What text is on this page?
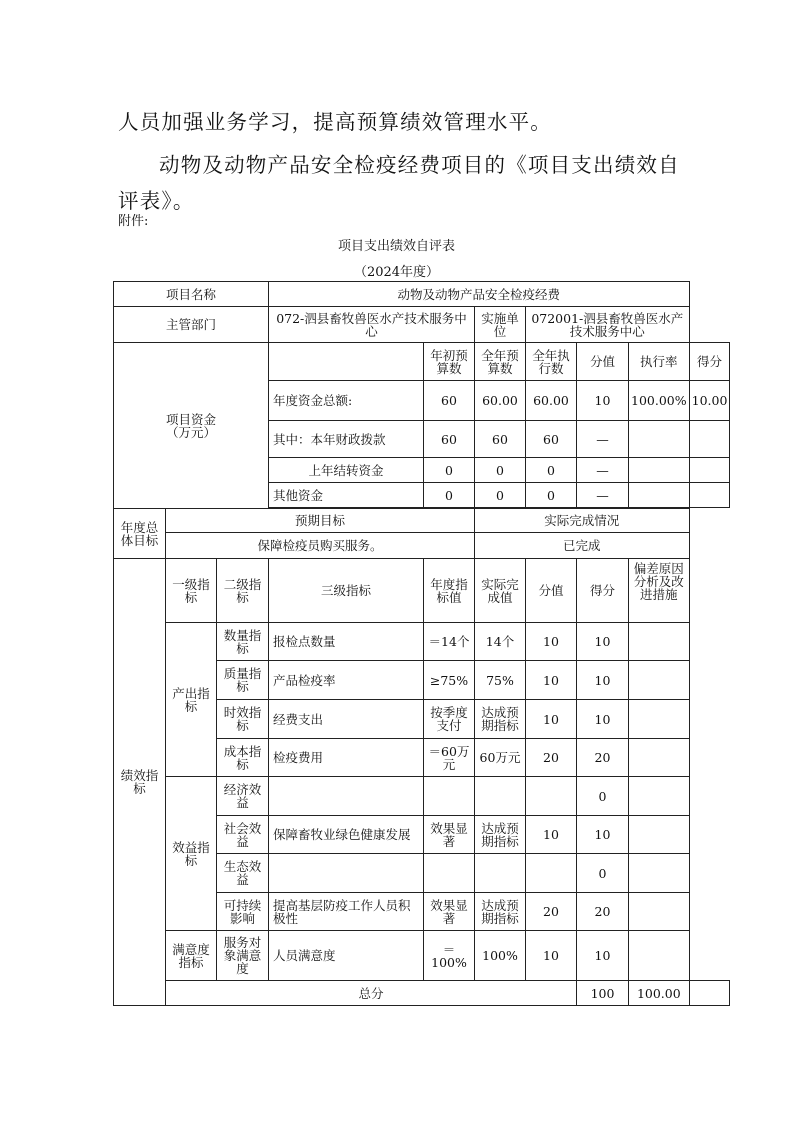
人员加强业务学习，提高预算绩效管理水平。

动物及动物产品安全检疫经费项目的《项目支出绩效自评表》。

附件:
项目支出绩效自评表
（2024年度）
项目名称			动物及动物产品安全检疫经费						
主管部门			072-泗县畜牧兽医水产技术服务中心		实施单位	072001-泗县畜牧兽医水产技术服务中心			
项目资金（万元）				年初预算数	全年预算数	全年执行数	分值	执行率	得分
			年度资金总额:	60	60.00	60.00	10	100.00%	10.00
			其中：本年财政拨款	60	60	60	—		
			上年结转资金	0	0	0	—		
			其他资金	0	0	0	—		

年度总体目标	预期目标				实际完成情况				
	保障检疫员购买服务。				已完成				
绩效指标	一级指标	二级指标	三级指标	年度指标值	实际完成值	分值	得分	偏差原因分析及改进措施	
	产出指标	数量指标	报检点数量	＝14个	14个	10	10		
		质量指标	产品检疫率	≥75%	75%	10	10		
		时效指标	经费支出	按季度支付	达成预期指标	10	10		
		成本指标	检疫费用	＝60万元	60万元	20	20		
	效益指标	经济效益					0		
		社会效益	保障畜牧业绿色健康发展	效果显著	达成预期指标	10	10		
		生态效益					0		
		可持续影响	提高基层防疫工作人员积极性	效果显著	达成预期指标	20	20		
	满意度指标	服务对象满意度	人员满意度	＝100%	100%	10	10		
	总分						100	100.00	
